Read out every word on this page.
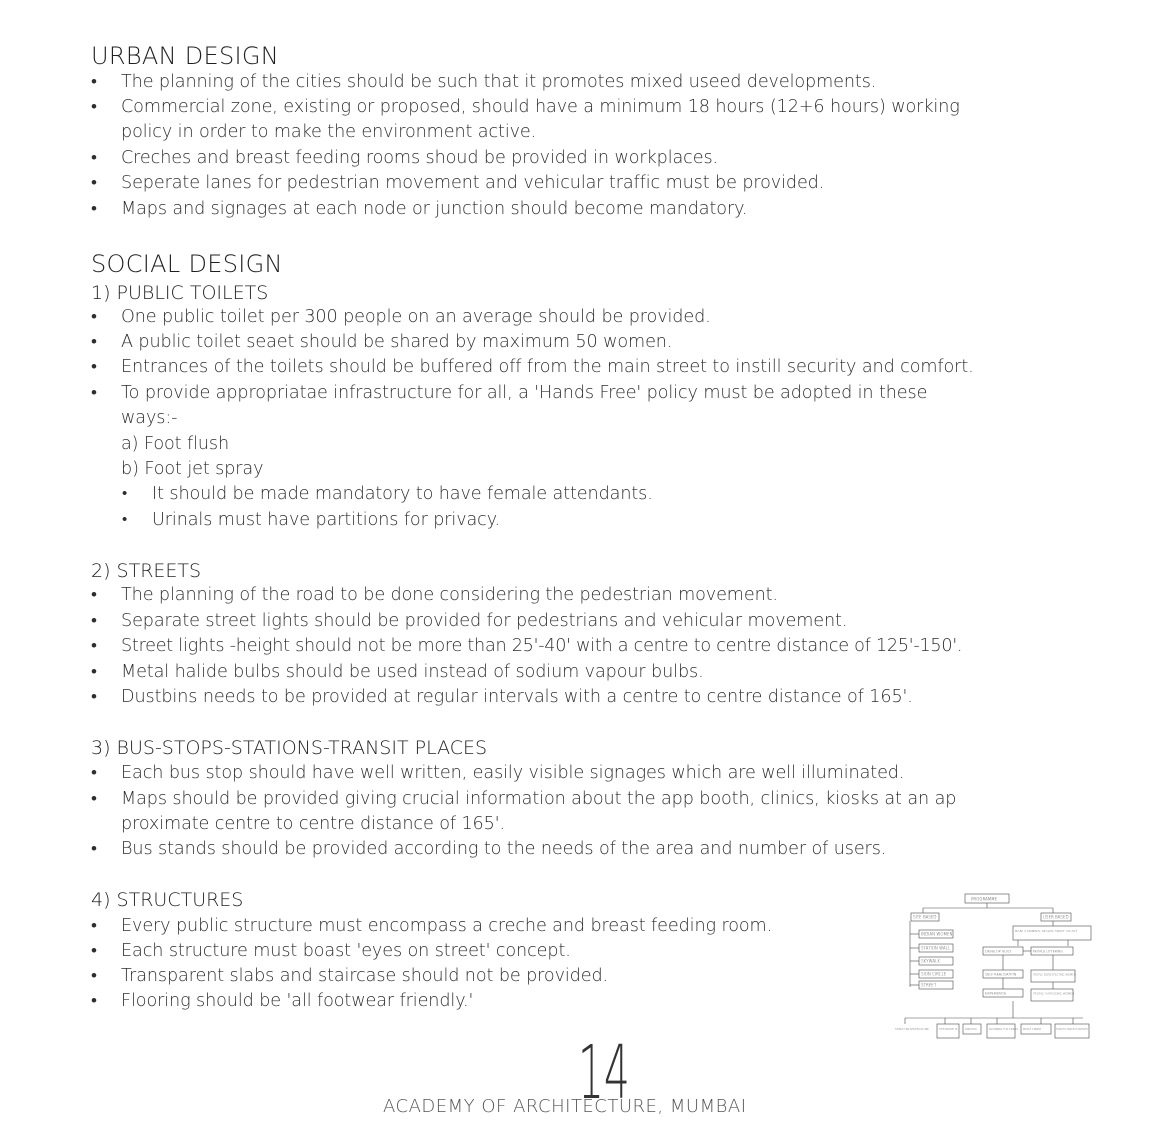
URBAN DESIGN
• The planning of the cities should be such that it promotes mixed useed developments.
• Commercial zone, existing or proposed, should have a minimum 18 hours (12+6 hours) working
policy in order to make the environment active.
• Creches and breast feeding rooms shoud be provided in workplaces.
• Seperate lanes for pedestrian movement and vehicular traffic must be provided.
• Maps and signages at each node or junction should become mandatory.
SOCIAL DESIGN
1) PUBLIC TOILETS
• One public toilet per 300 people on an average should be provided.
• A public toilet seaet should be shared by maximum 50 women.
• Entrances of the toilets should be buffered off from the main street to instill security and comfort.
• To provide appropriatae infrastructure for all, a 'Hands Free' policy must be adopted in these
ways:-
a) Foot flush
b) Foot jet spray
• It should be made mandatory to have female attendants.
• Urinals must have partitions for privacy.
2) STREETS
• The planning of the road to be done considering the pedestrian movement.
• Separate street lights should be provided for pedestrians and vehicular movement.
• Street lights -height should not be more than 25'-40' with a centre to centre distance of 125'-150'.
• Metal halide bulbs should be used instead of sodium vapour bulbs.
• Dustbins needs to be provided at regular intervals with a centre to centre distance of 165'.
3) BUS-STOPS-STATIONS-TRANSIT PLACES
• Each bus stop should have well written, easily visible signages which are well illuminated.
• Maps should be provided giving crucial information about the app booth, clinics, kiosks at an ap
proximate centre to centre distance of 165'.
• Bus stands should be provided according to the needs of the area and number of users.
4) STRUCTURES
• Every public structure must encompass a creche and breast feeding room.
• Each structure must boast 'eyes on street' concept.
• Transparent slabs and staircase should not be provided.
• Flooring should be 'all footwear friendly.'
PROGRAMME
SITE BASED	USER BASED
INDIAN WOMEN
STATION WALL
SKYWALK
SION CIRCLE
STREET
MAKE A CRIMINAL REALISE ABOUT HIS ACT
DEVELOP GUILT
SELF REALISATION
EXPERIENCE
PEOPLE LITTERING
PEOPLE DISRESPECTING WOMEN
PEOPLE HARASSING WOMEN
STREET INFRASTRUCTURE	APP BOOTHE CRECHE	BLURRING THE EDGES BUILT FORM	TOILETS AND BUS DEPOTS
14
ACADEMY OF ARCHITECTURE, MUMBAI
